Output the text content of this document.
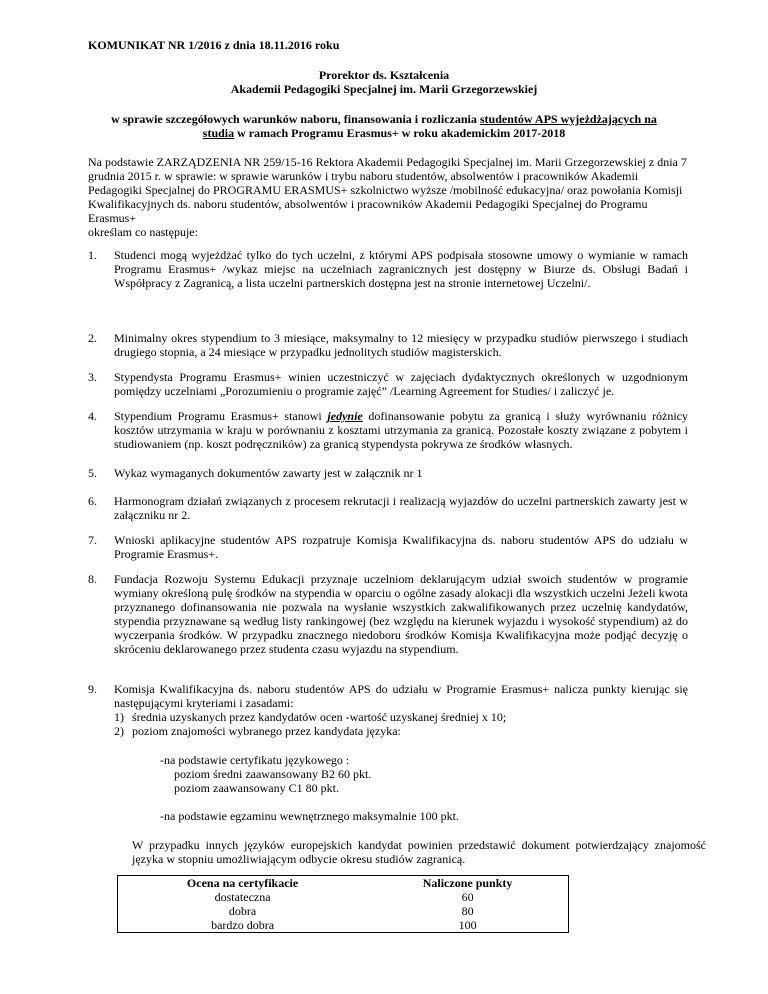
KOMUNIKAT NR 1/2016 z dnia 18.11.2016 roku
Prorektor ds. Kształcenia
Akademii Pedagogiki Specjalnej im. Marii Grzegorzewskiej
w sprawie szczegółowych warunków naboru, finansowania i rozliczania studentów APS wyjeżdżających na
studia w ramach Programu Erasmus+ w roku akademickim 2017-2018

Na podstawie ZARZĄDZENIA NR 259/15-16 Rektora Akademii Pedagogiki Specjalnej im. Marii Grzegorzewskiej z dnia 7 grudnia 2015 r. w sprawie: w sprawie warunków i trybu naboru studentów, absolwentów i pracowników Akademii Pedagogiki Specjalnej do PROGRAMU ERASMUS+ szkolnictwo wyższe /mobilność edukacyjna/ oraz powołania Komisji Kwalifikacyjnych ds. naboru studentów, absolwentów i pracowników Akademii Pedagogiki Specjalnej do Programu Erasmus+

określam co następuje:

1.	Studenci mogą wyjeżdżać tylko do tych uczelni, z którymi APS podpisała stosowne umowy o wymianie w ramach Programu Erasmus+ /wykaz miejsc na uczelniach zagranicznych jest dostępny w Biurze ds. Obsługi Badań i Współpracy z Zagranicą, a lista uczelni partnerskich dostępna jest na stronie internetowej Uczelni/.
2.	Minimalny okres stypendium to 3 miesiące, maksymalny to 12 miesięcy w przypadku studiów pierwszego i studiach drugiego stopnia, a 24 miesiące w przypadku jednolitych studiów magisterskich.
3.	Stypendysta Programu Erasmus+ winien uczestniczyć w zajęciach dydaktycznych określonych w uzgodnionym pomiędzy uczelniami „Porozumieniu o programie zajęć” /Learning Agreement for Studies/ i zaliczyć je.
4.	Stypendium Programu Erasmus+ stanowi jedynie dofinansowanie pobytu za granicą i służy wyrównaniu różnicy kosztów utrzymania w kraju w porównaniu z kosztami utrzymania za granicą. Pozostałe koszty związane z pobytem i studiowaniem (np. koszt podręczników) za granicą stypendysta pokrywa ze środków własnych.
5.	Wykaz wymaganych dokumentów zawarty jest w załącznik nr 1
6.	Harmonogram działań związanych z procesem rekrutacji i realizacją wyjazdów do uczelni partnerskich zawarty jest w załączniku nr 2.
7.	Wnioski aplikacyjne studentów APS rozpatruje Komisja Kwalifikacyjna ds. naboru studentów APS do udziału w Programie Erasmus+.
8.	Fundacja Rozwoju Systemu Edukacji przyznaje uczelniom deklarującym udział swoich studentów w programie wymiany określoną pulę środków na stypendia w oparciu o ogólne zasady alokacji dla wszystkich uczelni Jeżeli kwota przyznanego dofinansowania nie pozwala na wysłanie wszystkich zakwalifikowanych przez uczelnię kandydatów, stypendia przyznawane są według listy rankingowej (bez względu na kierunek wyjazdu i wysokość stypendium) aż do wyczerpania środków. W przypadku znacznego niedoboru środków Komisja Kwalifikacyjna może podjąć decyzję o skróceniu deklarowanego przez studenta czasu wyjazdu na stypendium.
9.	Komisja Kwalifikacyjna ds. naboru studentów APS do udziału w Programie Erasmus+ nalicza punkty kierując się następującymi kryteriami i zasadami:
1) średnia uzyskanych przez kandydatów ocen -wartość uzyskanej średniej x 10;
2) poziom znajomości wybranego przez kandydata języka:
-na podstawie certyfikatu językowego :
poziom średni zaawansowany B2 60 pkt.
poziom zaawansowany C1 80 pkt.
-na podstawie egzaminu wewnętrznego maksymalnie 100 pkt.
W przypadku innych języków europejskich kandydat powinien przedstawić dokument potwierdzający znajomość języka w stopniu umożliwiającym odbycie okresu studiów zagranicą.
Ocena na certyfikacie	Naliczone punkty
dostateczna	60
dobra	80
bardzo dobra	100
